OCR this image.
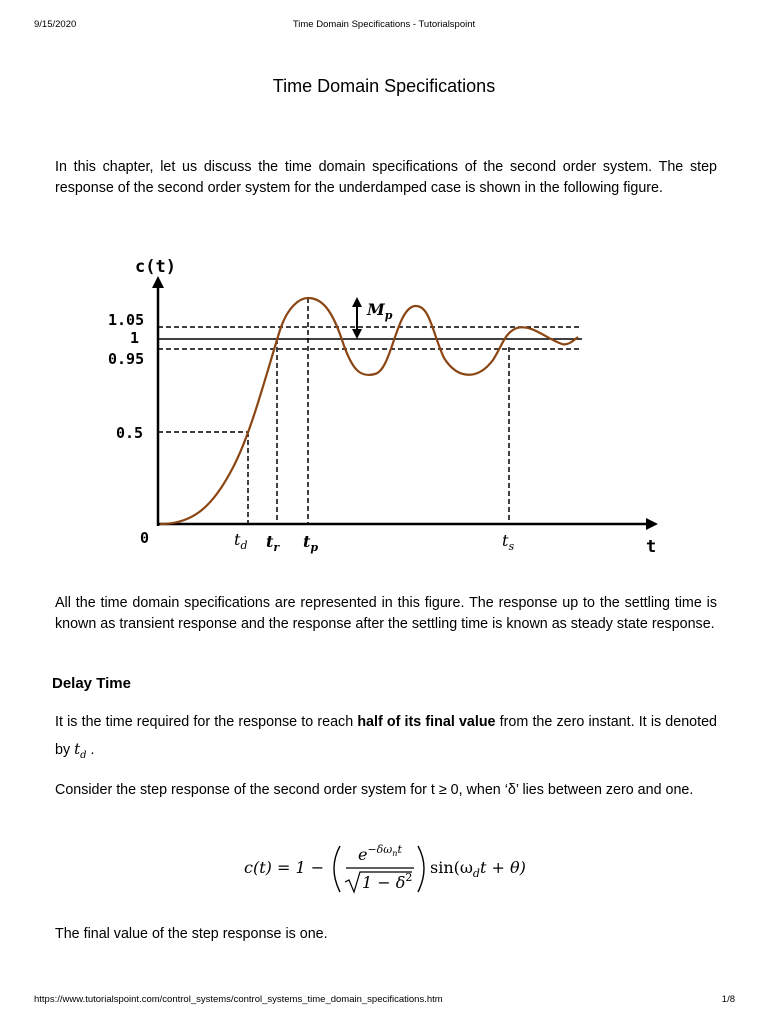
9/15/2020	Time Domain Specifications - Tutorialspoint
Time Domain Specifications

In this chapter, let us discuss the time domain specifications of the second order system. The step response of the second order system for the underdamped case is shown in the following figure.

c(t)
t
0
1.05
1
0.95
0.5
$M_p$
$t_d$ $t_r$ $t_p$	$t_s$

All the time domain specifications are represented in this figure. The response up to the settling time is known as transient response and the response after the settling time is known as steady state response.

Delay Time

It is the time required for the response to reach half of its final value from the zero instant. It is denoted by $t_d$ .

Consider the step response of the second order system for t ≥ 0, when ‘δ’ lies between zero and one.

c(t) = 1 −
$e^{-\delta\omega}nt$
$1 - \delta^2$
$\sin(\omega_dt + \theta)$

The final value of the step response is one.

https://www.tutorialspoint.com/control_systems/control_systems_time_domain_specifications.htm	1/8
